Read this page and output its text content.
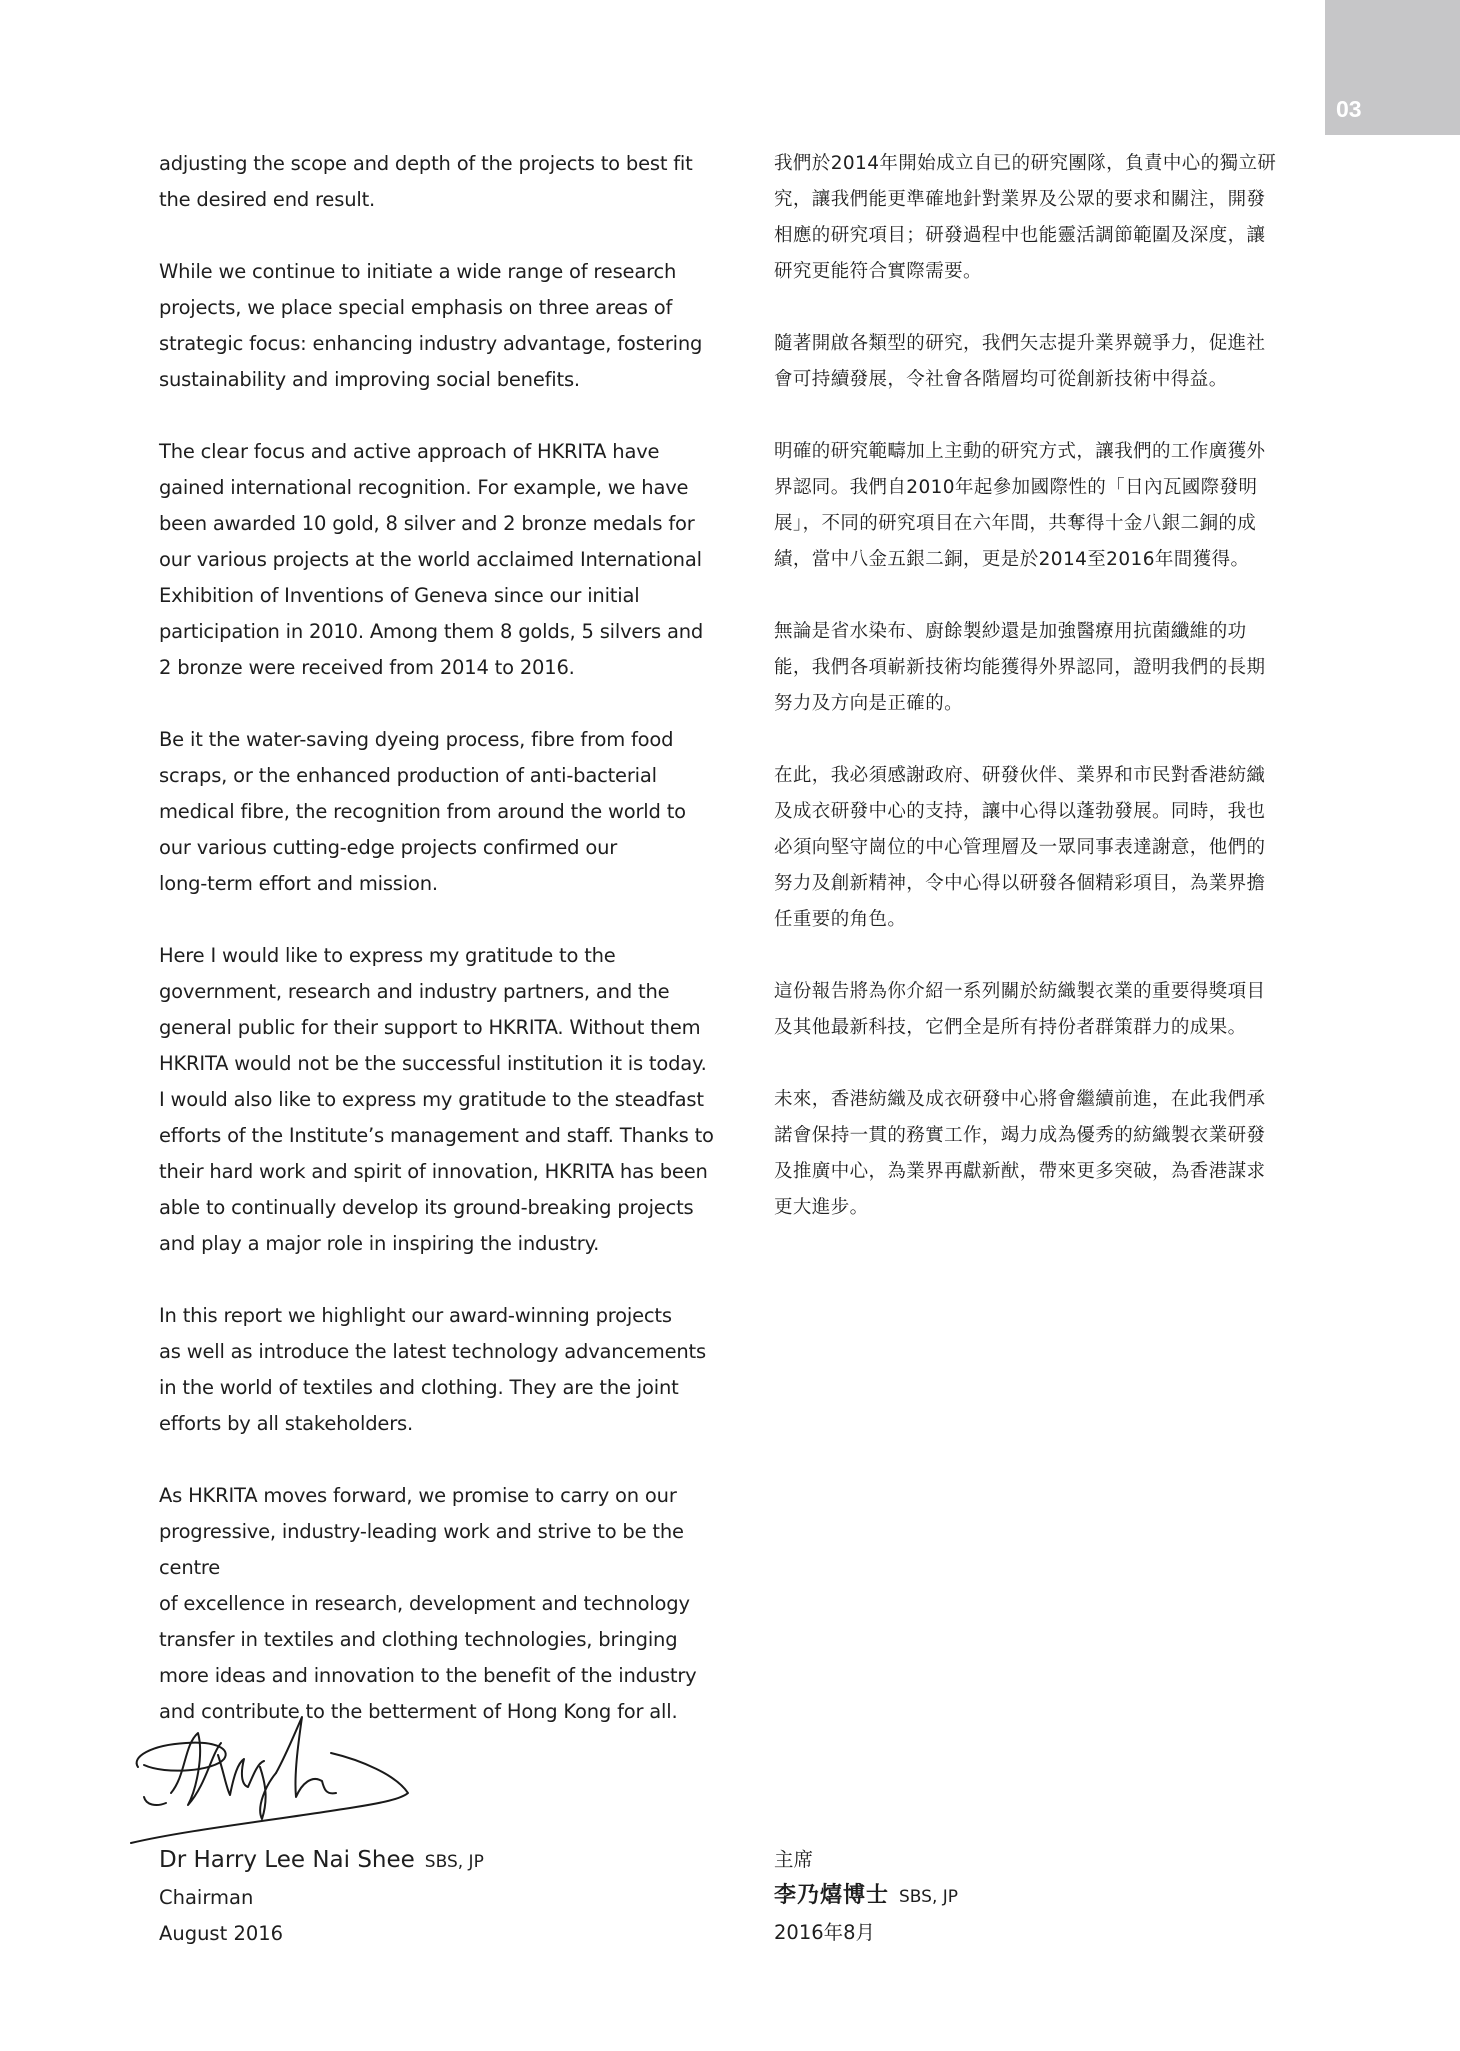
03

adjusting the scope and depth of the projects to best fit
the desired end result.

While we continue to initiate a wide range of research
projects, we place special emphasis on three areas of
strategic focus: enhancing industry advantage, fostering
sustainability and improving social benefits.

The clear focus and active approach of HKRITA have
gained international recognition. For example, we have
been awarded 10 gold, 8 silver and 2 bronze medals for
our various projects at the world acclaimed International
Exhibition of Inventions of Geneva since our initial
participation in 2010. Among them 8 golds, 5 silvers and
2 bronze were received from 2014 to 2016.

Be it the water-saving dyeing process, fibre from food
scraps, or the enhanced production of anti-bacterial
medical fibre, the recognition from around the world to
our various cutting-edge projects confirmed our
long-term effort and mission.

Here I would like to express my gratitude to the
government, research and industry partners, and the
general public for their support to HKRITA. Without them
HKRITA would not be the successful institution it is today.
I would also like to express my gratitude to the steadfast
efforts of the Institute’s management and staff. Thanks to
their hard work and spirit of innovation, HKRITA has been
able to continually develop its ground-breaking projects
and play a major role in inspiring the industry.

In this report we highlight our award-winning projects
as well as introduce the latest technology advancements
in the world of textiles and clothing. They are the joint
efforts by all stakeholders.

As HKRITA moves forward, we promise to carry on our
progressive, industry-leading work and strive to be the centre
of excellence in research, development and technology
transfer in textiles and clothing technologies, bringing
more ideas and innovation to the benefit of the industry
and contribute to the betterment of Hong Kong for all.

我們於2014年開始成立自已的研究團隊，負責中心的獨立研
究，讓我們能更準確地針對業界及公眾的要求和關注，開發
相應的研究項目；研發過程中也能靈活調節範圍及深度，讓
研究更能符合實際需要。

隨著開啟各類型的研究，我們矢志提升業界競爭力，促進社
會可持續發展，令社會各階層均可從創新技術中得益。

明確的研究範疇加上主動的研究方式，讓我們的工作廣獲外
界認同。我們自2010年起參加國際性的「日內瓦國際發明
展」，不同的研究項目在六年間，共奪得十金八銀二銅的成
績，當中八金五銀二銅，更是於2014至2016年間獲得。

無論是省水染布、廚餘製紗還是加強醫療用抗菌纖維的功
能，我們各項嶄新技術均能獲得外界認同，證明我們的長期
努力及方向是正確的。

在此，我必須感謝政府、研發伙伴、業界和市民對香港紡織
及成衣研發中心的支持，讓中心得以蓬勃發展。同時，我也
必須向堅守崗位的中心管理層及一眾同事表達謝意，他們的
努力及創新精神，令中心得以研發各個精彩項目，為業界擔
任重要的角色。

這份報告將為你介紹一系列關於紡織製衣業的重要得獎項目
及其他最新科技，它們全是所有持份者群策群力的成果。

未來，香港紡織及成衣研發中心將會繼續前進，在此我們承
諾會保持一貫的務實工作，竭力成為優秀的紡織製衣業研發
及推廣中心，為業界再獻新猷，帶來更多突破，為香港謀求
更大進步。

Dr Harry Lee Nai Shee SBS, JP
Chairman
August 2016
主席
李乃熺博士 SBS, JP
2016年8月
